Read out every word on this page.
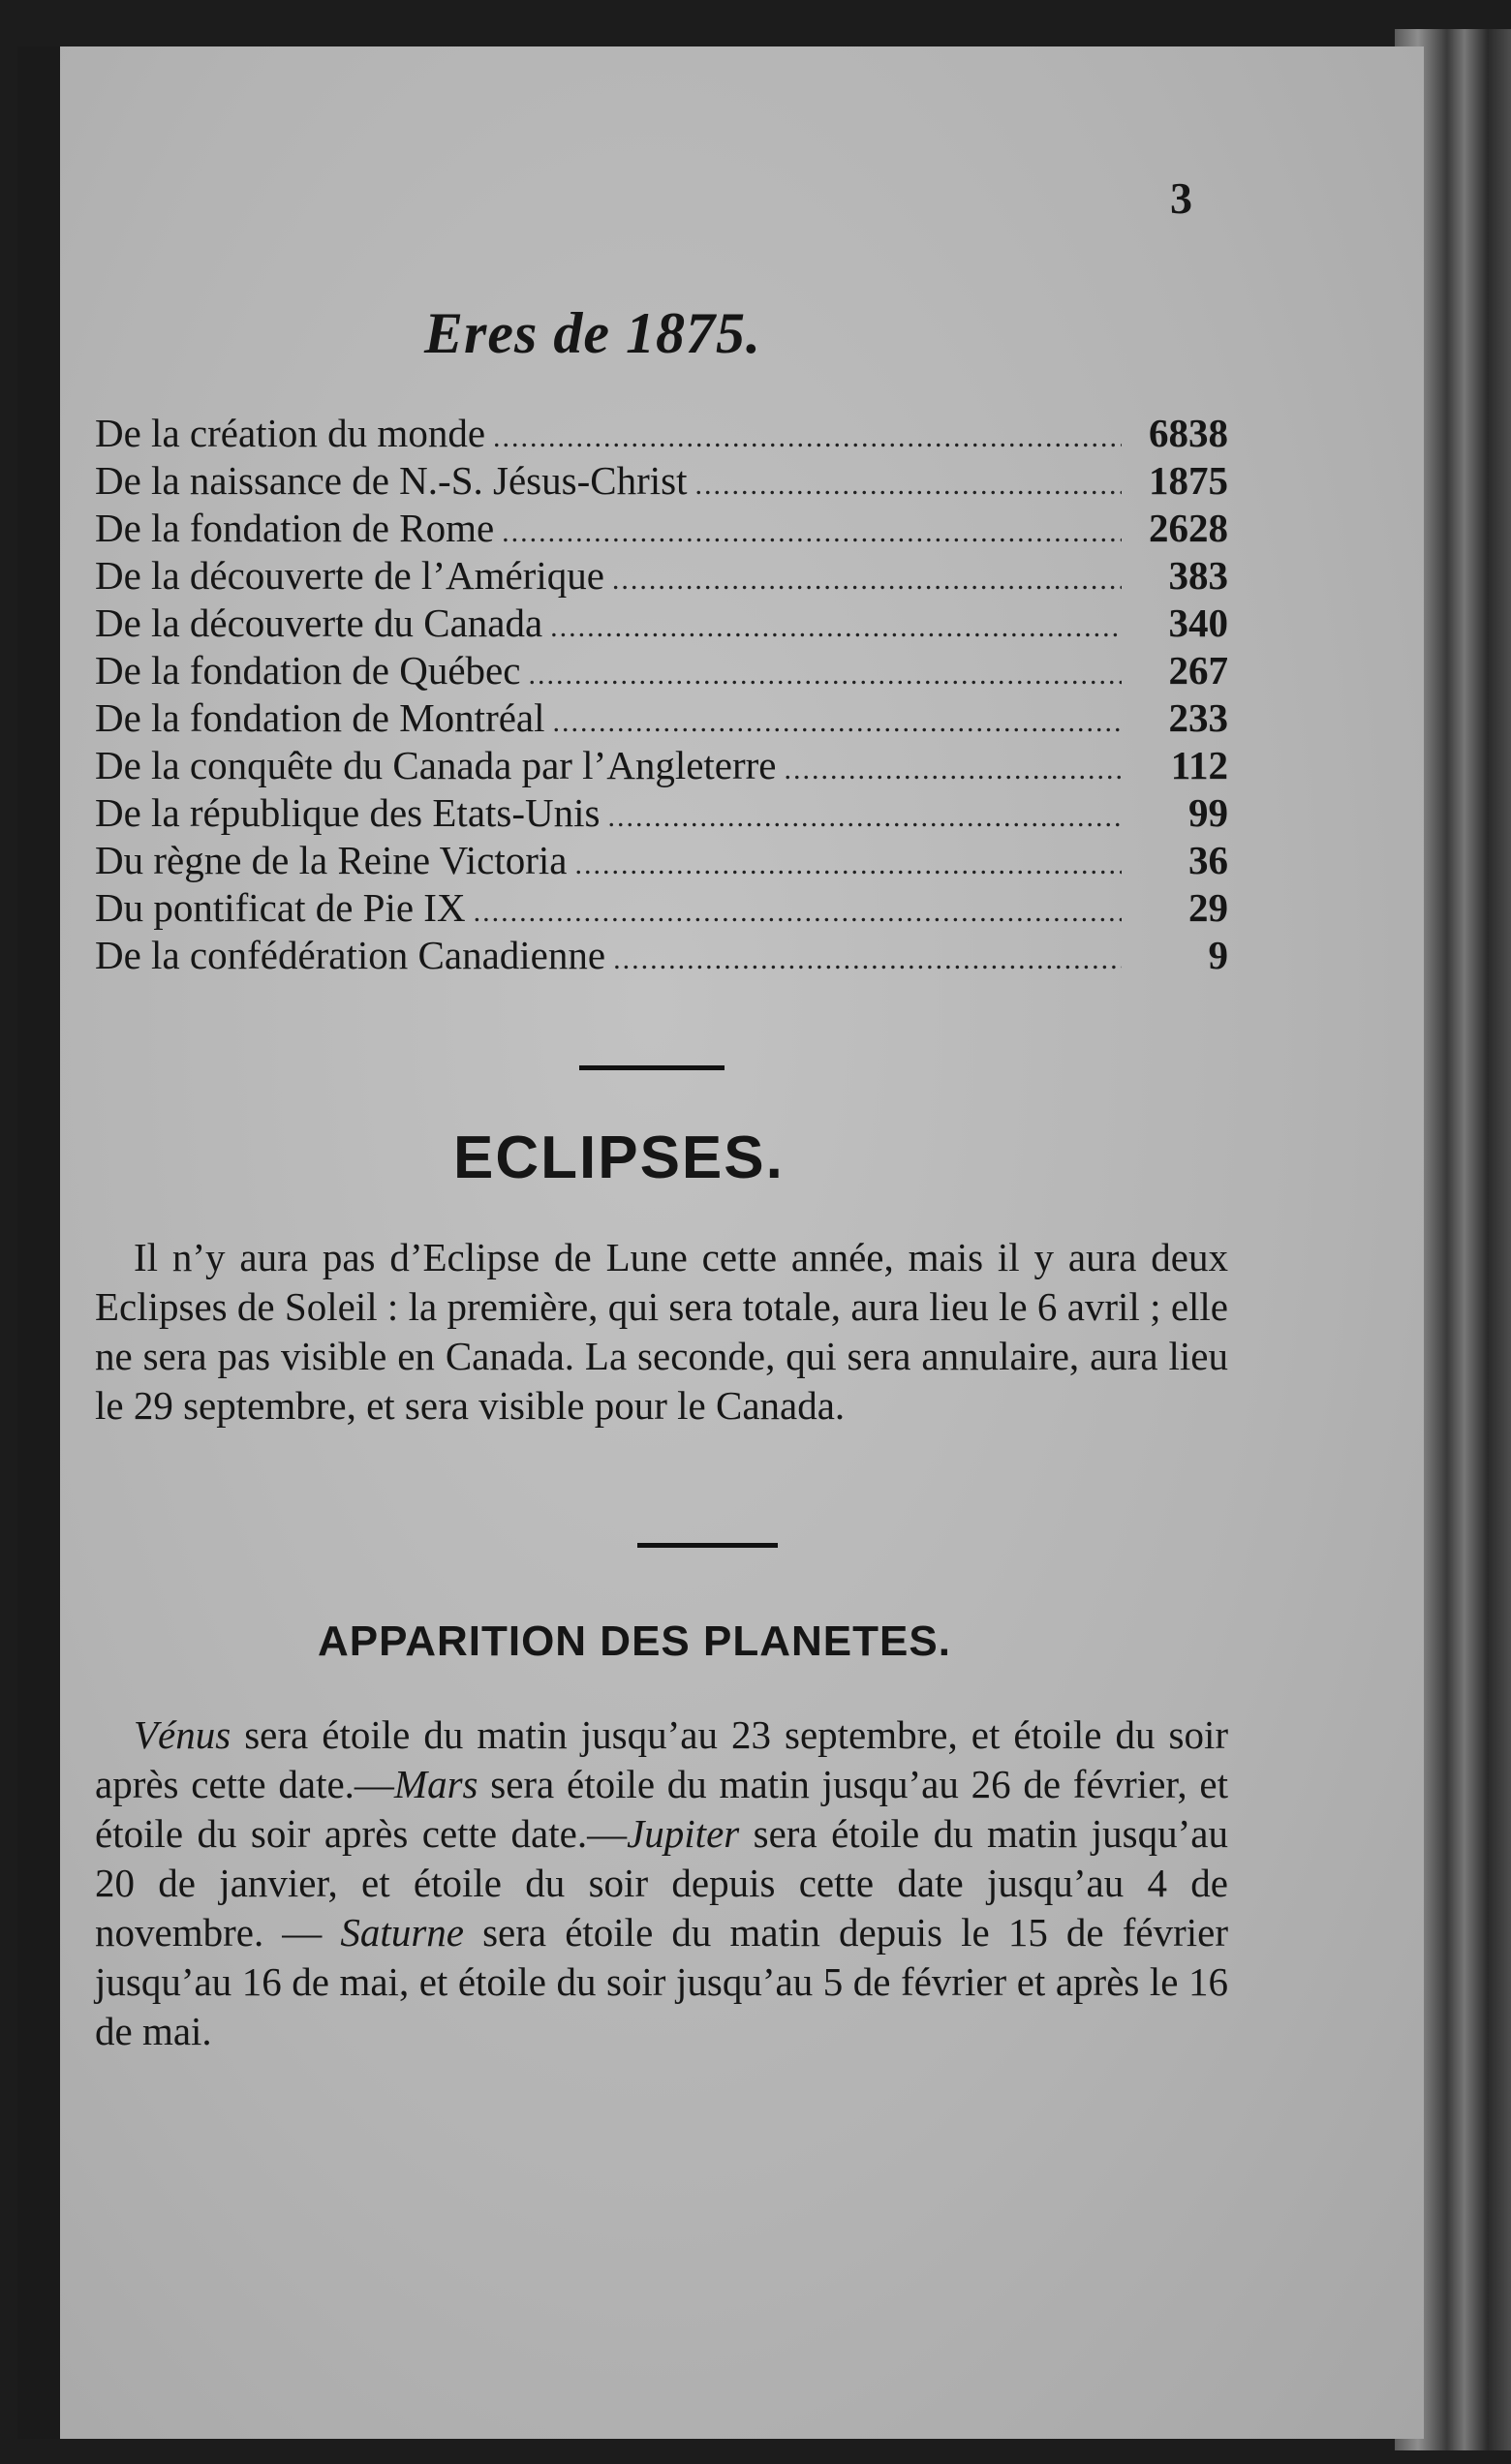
3
Eres de 1875.
De la création du monde .....	6838
De la naissance de N.-S. Jésus-Christ .....	1875
De la fondation de Rome .....	2628
De la découverte de l’Amérique .....	383
De la découverte du Canada .....	340
De la fondation de Québec .....	267
De la fondation de Montréal .....	233
De la conquête du Canada par l’Angleterre .....	112
De la république des Etats-Unis .....	99
Du règne de la Reine Victoria .....	36
Du pontificat de Pie IX .....	29
De la confédération Canadienne .....	9
ECLIPSES.
Il n’y aura pas d’Eclipse de Lune cette année, mais il y aura deux Eclipses de Soleil : la première, qui sera totale, aura lieu le 6 avril ; elle ne sera pas visible en Canada. La seconde, qui sera annulaire, aura lieu le 29 septembre, et sera visible pour le Canada.
APPARITION DES PLANETES.
Vénus sera étoile du matin jusqu’au 23 septembre, et étoile du soir après cette date.—Mars sera étoile du matin jusqu’au 26 de février, et étoile du soir après cette date.—Jupiter sera étoile du matin jusqu’au 20 de janvier, et étoile du soir depuis cette date jusqu’au 4 de novembre. — Saturne sera étoile du matin depuis le 15 de février jusqu’au 16 de mai, et étoile du soir jusqu’au 5 de février et après le 16 de mai.
